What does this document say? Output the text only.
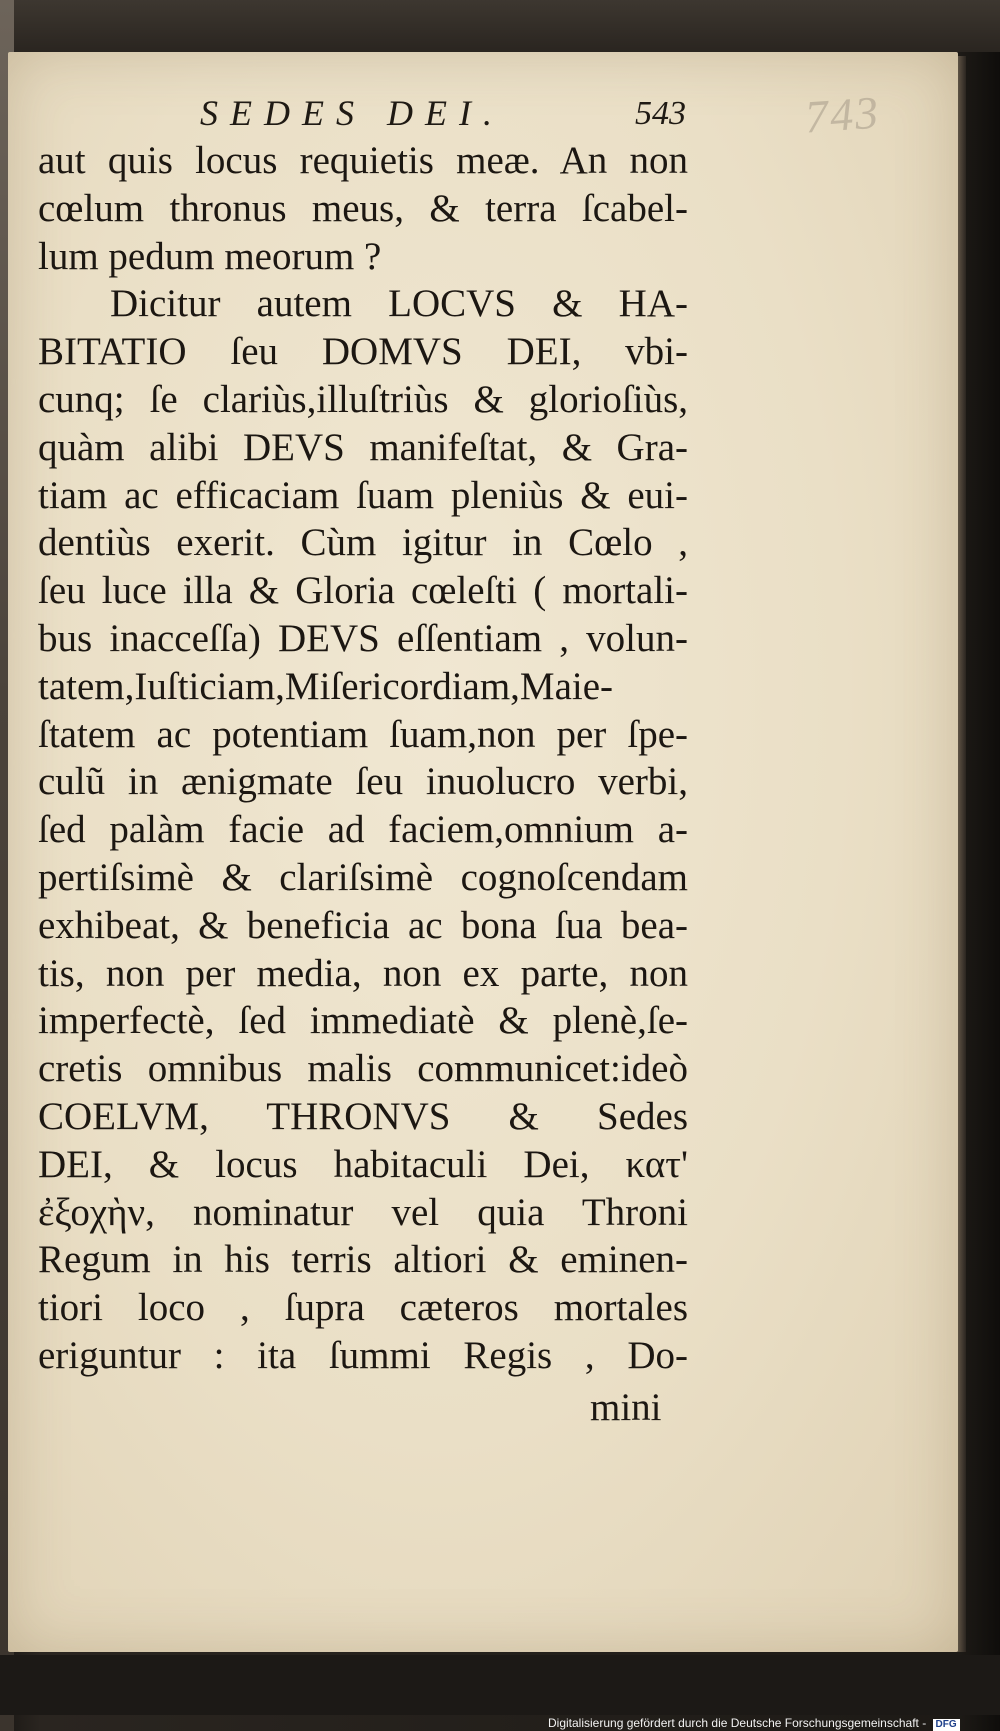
743
SEDES DEI.	543
aut quis locus requietis meæ. An non
cœlum thronus meus, & terra ſcabel-
lum pedum meorum ?
Dicitur autem LOCVS & HA-
BITATIO ſeu DOMVS DEI, vbi-
cunq; ſe clariùs,illuſtriùs & glorioſiùs,
quàm alibi DEVS manifeſtat, & Gra-
tiam ac efficaciam ſuam pleniùs & eui-
dentiùs exerit. Cùm igitur in Cœlo ,
ſeu luce illa & Gloria cœleſti ( mortali-
bus inacceſſa) DEVS eſſentiam , volun-
tatem,Iuſticiam,Miſericordiam,Maie-
ſtatem ac potentiam ſuam,non per ſpe-
culũ in ænigmate ſeu inuolucro verbi,
ſed palàm facie ad faciem,omnium a-
pertiſsimè & clariſsimè cognoſcendam
exhibeat, & beneficia ac bona ſua bea-
tis, non per media, non ex parte, non
imperfectè, ſed immediatè & plenè,ſe-
cretis omnibus malis communicet:ideò
COELVM, THRONVS & Sedes
DEI, & locus habitaculi Dei, κατ'
ἐξοχὴν, nominatur vel quia Throni
Regum in his terris altiori & eminen-
tiori loco , ſupra cæteros mortales
eriguntur : ita ſummi Regis , Do-
mini
Digitalisierung gefördert durch die Deutsche Forschungsgemeinschaft - DFG
